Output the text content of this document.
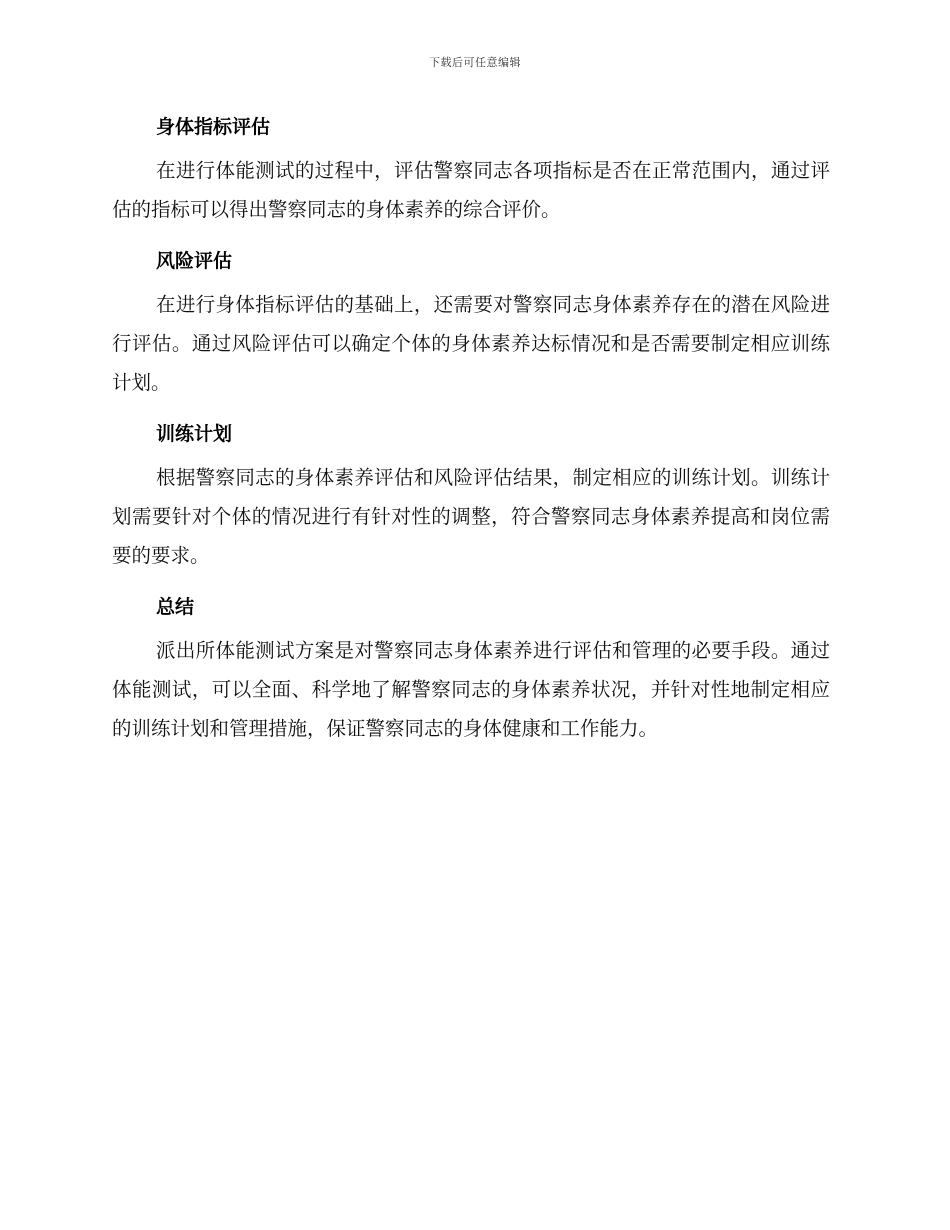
下载后可任意编辑
身体指标评估

在进行体能测试的过程中，评估警察同志各项指标是否在正常范围内，通过评估的指标可以得出警察同志的身体素养的综合评价。

风险评估

在进行身体指标评估的基础上，还需要对警察同志身体素养存在的潜在风险进行评估。通过风险评估可以确定个体的身体素养达标情况和是否需要制定相应训练计划。

训练计划

根据警察同志的身体素养评估和风险评估结果，制定相应的训练计划。训练计划需要针对个体的情况进行有针对性的调整，符合警察同志身体素养提高和岗位需要的要求。

总结

派出所体能测试方案是对警察同志身体素养进行评估和管理的必要手段。通过体能测试，可以全面、科学地了解警察同志的身体素养状况，并针对性地制定相应的训练计划和管理措施，保证警察同志的身体健康和工作能力。
